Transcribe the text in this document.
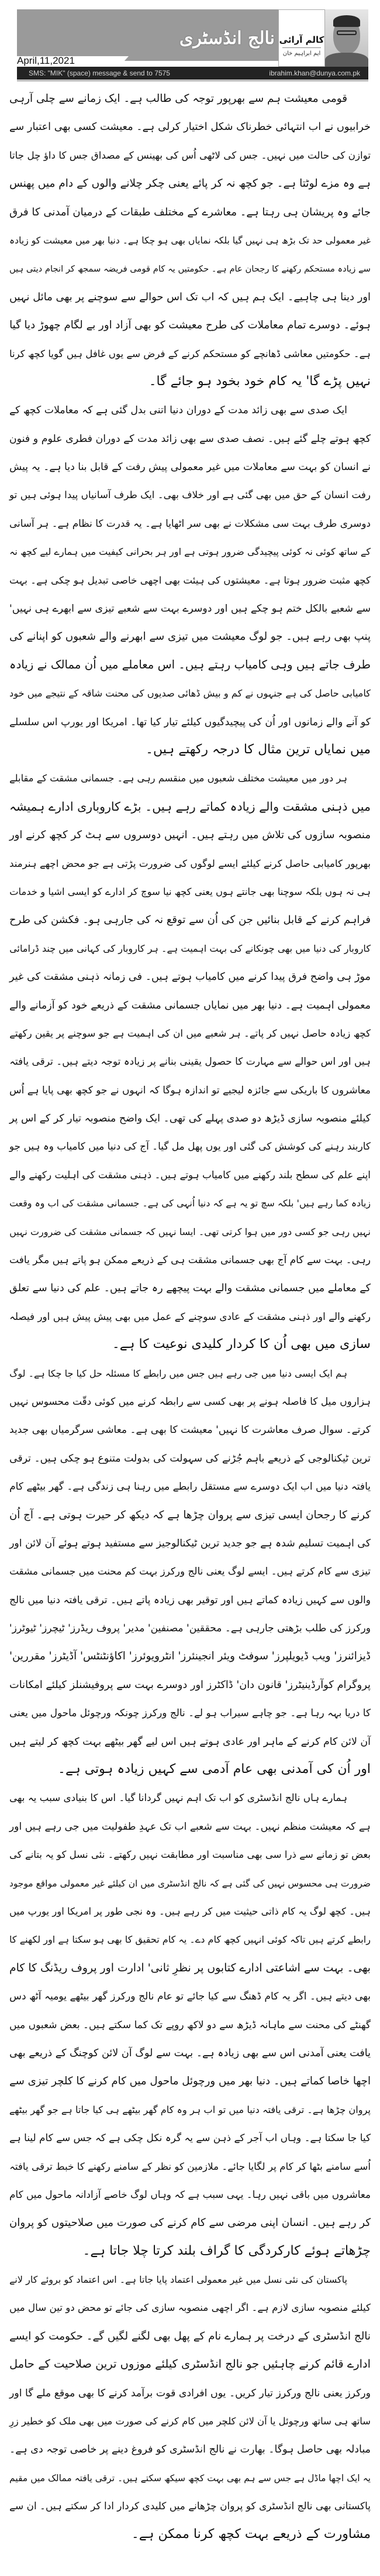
نالج انڈسٹری
April,11,2021
کالم آرائی
ایم ابراہیم خان
SMS: "MIK" (space) message & send to 7575	ibrahim.khan@dunya.com.pk
قومی معیشت ہم سے بھرپور توجہ کی طالب ہے۔ ایک زمانے سے چلی آرہی
خرابیوں نے اب انتہائی خطرناک شکل اختیار کرلی ہے۔ معیشت کسی بھی اعتبار سے
توازن کی حالت میں نہیں۔ جس کی لاٹھی اُس کی بھینس کے مصداق جس کا داؤ چل جاتا
ہے وہ مزے لوٹتا ہے۔ جو کچھ نہ کر پائے یعنی چکر چلانے والوں کے دام میں پھنس
جائے وہ پریشان ہی رہتا ہے۔ معاشرے کے مختلف طبقات کے درمیان آمدنی کا فرق
غیر معمولی حد تک بڑھ ہی نہیں گیا بلکہ نمایاں بھی ہو چکا ہے۔ دنیا بھر میں معیشت کو زیادہ
سے زیادہ مستحکم رکھنے کا رجحان عام ہے۔ حکومتیں یہ کام قومی فریضہ سمجھ کر انجام دیتی ہیں
اور دینا ہی چاہیے۔ ایک ہم ہیں کہ اب تک اس حوالے سے سوچنے پر بھی مائل نہیں
ہوئے۔ دوسرے تمام معاملات کی طرح معیشت کو بھی آزاد اور بے لگام چھوڑ دیا گیا
ہے۔ حکومتیں معاشی ڈھانچے کو مستحکم کرنے کے فرض سے یوں غافل ہیں گویا کچھ کرنا
نہیں پڑے گا' یہ کام خود بخود ہو جائے گا۔
ایک صدی سے بھی زائد مدت کے دوران دنیا اتنی بدل گئی ہے کہ معاملات کچھ کے
کچھ ہوتے چلے گئے ہیں۔ نصف صدی سے بھی زائد مدت کے دوران فطری علوم و فنون
نے انسان کو بہت سے معاملات میں غیر معمولی پیش رفت کے قابل بنا دیا ہے۔ یہ پیش
رفت انسان کے حق میں بھی گئی ہے اور خلاف بھی۔ ایک طرف آسانیاں پیدا ہوئی ہیں تو
دوسری طرف بہت سی مشکلات نے بھی سر اٹھایا ہے۔ یہ قدرت کا نظام ہے۔ ہر آسانی
کے ساتھ کوئی نہ کوئی پیچیدگی ضرور ہوتی ہے اور ہر بحرانی کیفیت میں ہمارے لیے کچھ نہ
کچھ مثبت ضرور ہوتا ہے۔ معیشتوں کی ہیئت بھی اچھی خاصی تبدیل ہو چکی ہے۔ بہت
سے شعبے بالکل ختم ہو چکے ہیں اور دوسرے بہت سے شعبے تیزی سے ابھرے ہی نہیں'
پنپ بھی رہے ہیں۔ جو لوگ معیشت میں تیزی سے ابھرنے والے شعبوں کو اپنانے کی
طرف جاتے ہیں وہی کامیاب رہتے ہیں۔ اس معاملے میں اُن ممالک نے زیادہ
کامیابی حاصل کی ہے جنہوں نے کم و بیش ڈھائی صدیوں کی محنت شاقہ کے نتیجے میں خود
کو آنے والے زمانوں اور اُن کی پیچیدگیوں کیلئے تیار کیا تھا۔ امریکا اور یورپ اس سلسلے
میں نمایاں ترین مثال کا درجہ رکھتے ہیں۔
ہر دور میں معیشت مختلف شعبوں میں منقسم رہی ہے۔ جسمانی مشقت کے مقابلے
میں ذہنی مشقت والے زیادہ کماتے رہے ہیں۔ بڑے کاروباری ادارے ہمیشہ
منصوبہ سازوں کی تلاش میں رہتے ہیں۔ انہیں دوسروں سے ہٹ کر کچھ کرنے اور
بھرپور کامیابی حاصل کرنے کیلئے ایسے لوگوں کی ضرورت پڑتی ہے جو محض اچھے ہنرمند
ہی نہ ہوں بلکہ سوچنا بھی جانتے ہوں یعنی کچھ نیا سوچ کر ادارے کو ایسی اشیا و خدمات
فراہم کرنے کے قابل بنائیں جن کی اُن سے توقع نہ کی جارہی ہو۔ فکشن کی طرح
کاروبار کی دنیا میں بھی چونکانے کی بہت اہمیت ہے۔ ہر کاروبار کی کہانی میں چند ڈرامائی
موڑ ہی واضح فرق پیدا کرنے میں کامیاب ہوتے ہیں۔ فی زمانہ ذہنی مشقت کی غیر
معمولی اہمیت ہے۔ دنیا بھر میں نمایاں جسمانی مشقت کے ذریعے خود کو آزمانے والے
کچھ زیادہ حاصل نہیں کر پاتے۔ ہر شعبے میں ان کی اہمیت ہے جو سوچنے پر یقین رکھتے
ہیں اور اس حوالے سے مہارت کا حصول یقینی بنانے پر زیادہ توجہ دیتے ہیں۔ ترقی یافتہ
معاشروں کا باریکی سے جائزہ لیجیے تو اندازہ ہوگا کہ انہوں نے جو کچھ بھی پایا ہے اُس
کیلئے منصوبہ سازی ڈیڑھ دو صدی پہلے کی تھی۔ ایک واضح منصوبہ تیار کر کے اس پر
کاربند رہنے کی کوشش کی گئی اور یوں پھل مل گیا۔ آج کی دنیا میں کامیاب وہ ہیں جو
اپنے علم کی سطح بلند رکھنے میں کامیاب ہوتے ہیں۔ ذہنی مشقت کی اہلیت رکھنے والے
زیادہ کما رہے ہیں' بلکہ سچ تو یہ ہے کہ دنیا اُنہی کی ہے۔ جسمانی مشقت کی اب وہ وقعت
نہیں رہی جو کسی دور میں ہوا کرتی تھی۔ ایسا نہیں کہ جسمانی مشقت کی ضرورت نہیں
رہی۔ بہت سے کام آج بھی جسمانی مشقت ہی کے ذریعے ممکن ہو پاتے ہیں مگر یافت
کے معاملے میں جسمانی مشقت والے بہت پیچھے رہ جاتے ہیں۔ علم کی دنیا سے تعلق
رکھنے والے اور ذہنی مشقت کے عادی سوچنے کے عمل میں بھی پیش پیش ہیں اور فیصلہ
سازی میں بھی اُن کا کردار کلیدی نوعیت کا ہے۔
ہم ایک ایسی دنیا میں جی رہے ہیں جس میں رابطے کا مسئلہ حل کیا جا چکا ہے۔ لوگ
ہزاروں میل کا فاصلہ ہونے پر بھی کسی سے رابطہ کرنے میں کوئی دقّت محسوس نہیں
کرتے۔ سوال صرف معاشرت کا نہیں' معیشت کا بھی ہے۔ معاشی سرگرمیاں بھی جدید
ترین ٹیکنالوجی کے ذریعے باہم جُڑنے کی سہولت کی بدولت متنوع ہو چکی ہیں۔ ترقی
یافتہ دنیا میں اب ایک دوسرے سے مستقل رابطے میں رہنا ہی زندگی ہے۔ گھر بیٹھے کام
کرنے کا رجحان ایسی تیزی سے پروان چڑھا ہے کہ دیکھ کر حیرت ہوتی ہے۔ آج اُن
کی اہمیت تسلیم شدہ ہے جو جدید ترین ٹیکنالوجیز سے مستفید ہوتے ہوئے آن لائن اور
تیزی سے کام کرتے ہیں۔ ایسے لوگ یعنی نالج ورکرز بہت کم محنت میں جسمانی مشقت
والوں سے کہیں زیادہ کماتے ہیں اور توقیر بھی زیادہ پاتے ہیں۔ ترقی یافتہ دنیا میں نالج
ورکرز کی طلب بڑھتی جارہی ہے۔ محققین' مصنفین' مدیر' پروف ریڈرز' ٹیچرز' ٹیوٹرز'
ڈیزائنرز' ویب ڈیویلپرز' سوفٹ ویئر انجینئرز' انٹرویوئرز' اکاؤنٹنٹس' آڈیٹرز' مقررین'
پروگرام کوآرڈینیٹرز' قانون دان' ڈاکٹرز اور دوسرے بہت سے پروفیشنلز کیلئے امکانات
کا دریا بہہ رہا ہے۔ جو چاہے سیراب ہو لے۔ نالج ورکرز چونکہ ورچوئل ماحول میں یعنی
آن لائن کام کرنے کے ماہر اور عادی ہوتے ہیں اس لیے گھر بیٹھے بہت کچھ کر لیتے ہیں
اور اُن کی آمدنی بھی عام آدمی سے کہیں زیادہ ہوتی ہے۔
ہمارے ہاں نالج انڈسٹری کو اب تک اہم نہیں گردانا گیا۔ اس کا بنیادی سبب یہ بھی
ہے کہ معیشت منظم نہیں۔ بہت سے شعبے اب تک عہدِ طفولیت میں جی رہے ہیں اور
بعض تو زمانے سے ذرا سی بھی مناسبت اور مطابقت نہیں رکھتے۔ نئی نسل کو یہ بتانے کی
ضرورت ہی محسوس نہیں کی گئی ہے کہ نالج انڈسٹری میں ان کیلئے غیر معمولی مواقع موجود
ہیں۔ کچھ لوگ یہ کام ذاتی حیثیت میں کر رہے ہیں۔ وہ نجی طور پر امریکا اور یورپ میں
رابطے کرتے ہیں تاکہ کوئی انہیں کچھ کام دے۔ یہ کام تحقیق کا بھی ہو سکتا ہے اور لکھنے کا
بھی۔ بہت سے اشاعتی ادارے کتابوں پر نظرِ ثانی' ادارت اور پروف ریڈنگ کا کام
بھی دیتے ہیں۔ اگر یہ کام ڈھنگ سے کیا جائے تو عام نالج ورکرز گھر بیٹھے یومیہ آٹھ دس
گھنٹے کی محنت سے ماہانہ ڈیڑھ سے دو لاکھ روپے تک کما سکتے ہیں۔ بعض شعبوں میں
یافت یعنی آمدنی اس سے بھی زیادہ ہے۔ بہت سے لوگ آن لائن کوچنگ کے ذریعے بھی
اچھا خاصا کماتے ہیں۔ دنیا بھر میں ورچوئل ماحول میں کام کرنے کا کلچر تیزی سے
پروان چڑھا ہے۔ ترقی یافتہ دنیا میں تو اب ہر وہ کام گھر بیٹھے ہی کیا جاتا ہے جو گھر بیٹھے
کیا جا سکتا ہے۔ وہاں اب آجر کے ذہن سے یہ گرہ نکل چکی ہے کہ جس سے کام لینا ہے
اُسے سامنے بٹھا کر کام پر لگایا جائے۔ ملازمین کو نظر کے سامنے رکھنے کا خبط ترقی یافتہ
معاشروں میں باقی نہیں رہا۔ یہی سبب ہے کہ وہاں لوگ خاصے آزادانہ ماحول میں کام
کر رہے ہیں۔ انسان اپنی مرضی سے کام کرنے کی صورت میں صلاحیتوں کو پروان
چڑھاتے ہوئے کارکردگی کا گراف بلند کرتا چلا جاتا ہے۔
پاکستان کی نئی نسل میں غیر معمولی اعتماد پایا جاتا ہے۔ اس اعتماد کو بروئے کار لانے
کیلئے منصوبہ سازی لازم ہے۔ اگر اچھی منصوبہ سازی کی جائے تو محض دو تین سال میں
نالج انڈسٹری کے درخت پر ہمارے نام کے پھل بھی لگنے لگیں گے۔ حکومت کو ایسے
ادارے قائم کرنے چاہئیں جو نالج انڈسٹری کیلئے موزوں ترین صلاحیت کے حامل
ورکرز یعنی نالج ورکرز تیار کریں۔ یوں افرادی قوت برآمد کرنے کا بھی موقع ملے گا اور
ساتھ ہی ساتھ ورچوئل یا آن لائن کلچر میں کام کرنے کی صورت میں بھی ملک کو خطیر زرِ
مبادلہ بھی حاصل ہوگا۔ بھارت نے نالج انڈسٹری کو فروغ دینے پر خاصی توجہ دی ہے۔
یہ ایک اچھا ماڈل ہے جس سے ہم بھی بہت کچھ سیکھ سکتے ہیں۔ ترقی یافتہ ممالک میں مقیم
پاکستانی بھی نالج انڈسٹری کو پروان چڑھانے میں کلیدی کردار ادا کر سکتے ہیں۔ ان سے
مشاورت کے ذریعے بہت کچھ کرنا ممکن ہے۔
